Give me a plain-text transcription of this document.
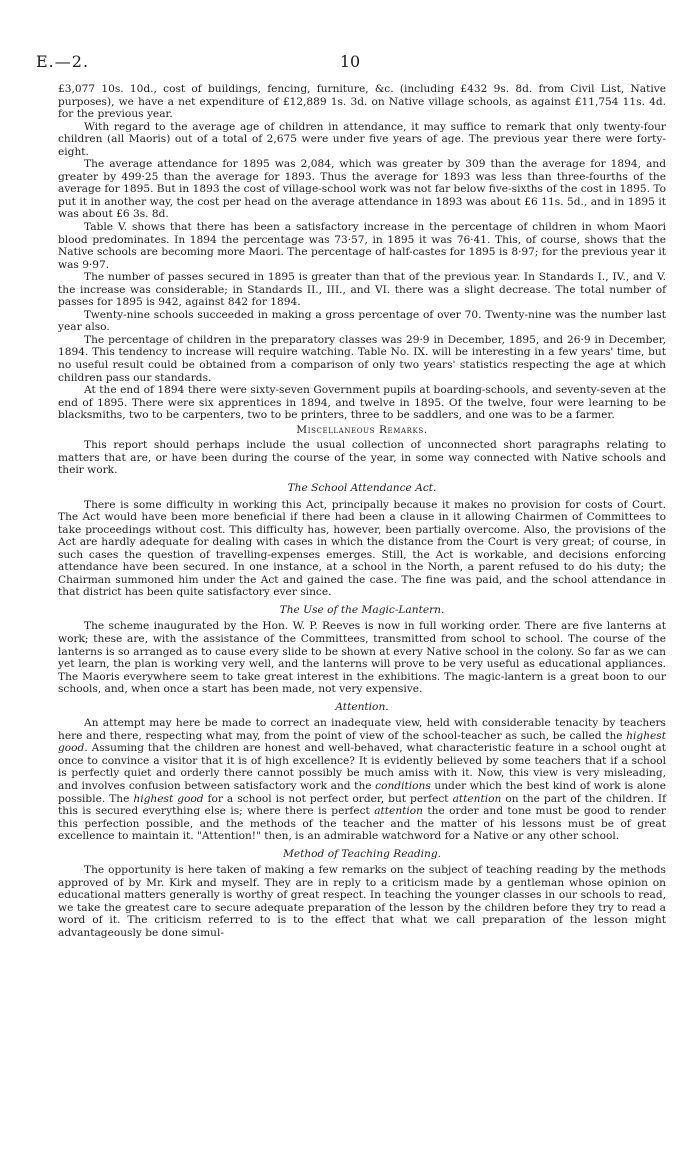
E.—2.	10

£3,077 10s. 10d., cost of buildings, fencing, furniture, &c. (including £432 9s. 8d. from Civil List, Native purposes), we have a net expenditure of £12,889 1s. 3d. on Native village schools, as against £11,754 11s. 4d. for the previous year.

With regard to the average age of children in attendance, it may suffice to remark that only twenty-four children (all Maoris) out of a total of 2,675 were under five years of age. The previous year there were forty-eight.

The average attendance for 1895 was 2,084, which was greater by 309 than the average for 1894, and greater by 499·25 than the average for 1893. Thus the average for 1893 was less than three-fourths of the average for 1895. But in 1893 the cost of village-school work was not far below five-sixths of the cost in 1895. To put it in another way, the cost per head on the average attendance in 1893 was about £6 11s. 5d., and in 1895 it was about £6 3s. 8d.

Table V. shows that there has been a satisfactory increase in the percentage of children in whom Maori blood predominates. In 1894 the percentage was 73·57, in 1895 it was 76·41. This, of course, shows that the Native schools are becoming more Maori. The percentage of half-castes for 1895 is 8·97; for the previous year it was 9·97.

The number of passes secured in 1895 is greater than that of the previous year. In Standards I., IV., and V. the increase was considerable; in Standards II., III., and VI. there was a slight decrease. The total number of passes for 1895 is 942, against 842 for 1894.

Twenty-nine schools succeeded in making a gross percentage of over 70. Twenty-nine was the number last year also.

The percentage of children in the preparatory classes was 29·9 in December, 1895, and 26·9 in December, 1894. This tendency to increase will require watching. Table No. IX. will be interesting in a few years' time, but no useful result could be obtained from a comparison of only two years' statistics respecting the age at which children pass our standards.

At the end of 1894 there were sixty-seven Government pupils at boarding-schools, and seventy-seven at the end of 1895. There were six apprentices in 1894, and twelve in 1895. Of the twelve, four were learning to be blacksmiths, two to be carpenters, two to be printers, three to be saddlers, and one was to be a farmer.

Miscellaneous Remarks.

This report should perhaps include the usual collection of unconnected short paragraphs relating to matters that are, or have been during the course of the year, in some way connected with Native schools and their work.

The School Attendance Act.

There is some difficulty in working this Act, principally because it makes no provision for costs of Court. The Act would have been more beneficial if there had been a clause in it allowing Chairmen of Committees to take proceedings without cost. This difficulty has, however, been partially overcome. Also, the provisions of the Act are hardly adequate for dealing with cases in which the distance from the Court is very great; of course, in such cases the question of travelling-expenses emerges. Still, the Act is workable, and decisions enforcing attendance have been secured. In one instance, at a school in the North, a parent refused to do his duty; the Chairman summoned him under the Act and gained the case. The fine was paid, and the school attendance in that district has been quite satisfactory ever since.

The Use of the Magic-Lantern.

The scheme inaugurated by the Hon. W. P. Reeves is now in full working order. There are five lanterns at work; these are, with the assistance of the Committees, transmitted from school to school. The course of the lanterns is so arranged as to cause every slide to be shown at every Native school in the colony. So far as we can yet learn, the plan is working very well, and the lanterns will prove to be very useful as educational appliances. The Maoris everywhere seem to take great interest in the exhibitions. The magic-lantern is a great boon to our schools, and, when once a start has been made, not very expensive.

Attention.

An attempt may here be made to correct an inadequate view, held with considerable tenacity by teachers here and there, respecting what may, from the point of view of the school-teacher as such, be called the highest good. Assuming that the children are honest and well-behaved, what characteristic feature in a school ought at once to convince a visitor that it is of high excellence? It is evidently believed by some teachers that if a school is perfectly quiet and orderly there cannot possibly be much amiss with it. Now, this view is very misleading, and involves confusion between satisfactory work and the conditions under which the best kind of work is alone possible. The highest good for a school is not perfect order, but perfect attention on the part of the children. If this is secured everything else is; where there is perfect attention the order and tone must be good to render this perfection possible, and the methods of the teacher and the matter of his lessons must be of great excellence to maintain it. "Attention!" then, is an admirable watchword for a Native or any other school.

Method of Teaching Reading.

The opportunity is here taken of making a few remarks on the subject of teaching reading by the methods approved of by Mr. Kirk and myself. They are in reply to a criticism made by a gentleman whose opinion on educational matters generally is worthy of great respect. In teaching the younger classes in our schools to read, we take the greatest care to secure adequate preparation of the lesson by the children before they try to read a word of it. The criticism referred to is to the effect that what we call preparation of the lesson might advantageously be done simul-
